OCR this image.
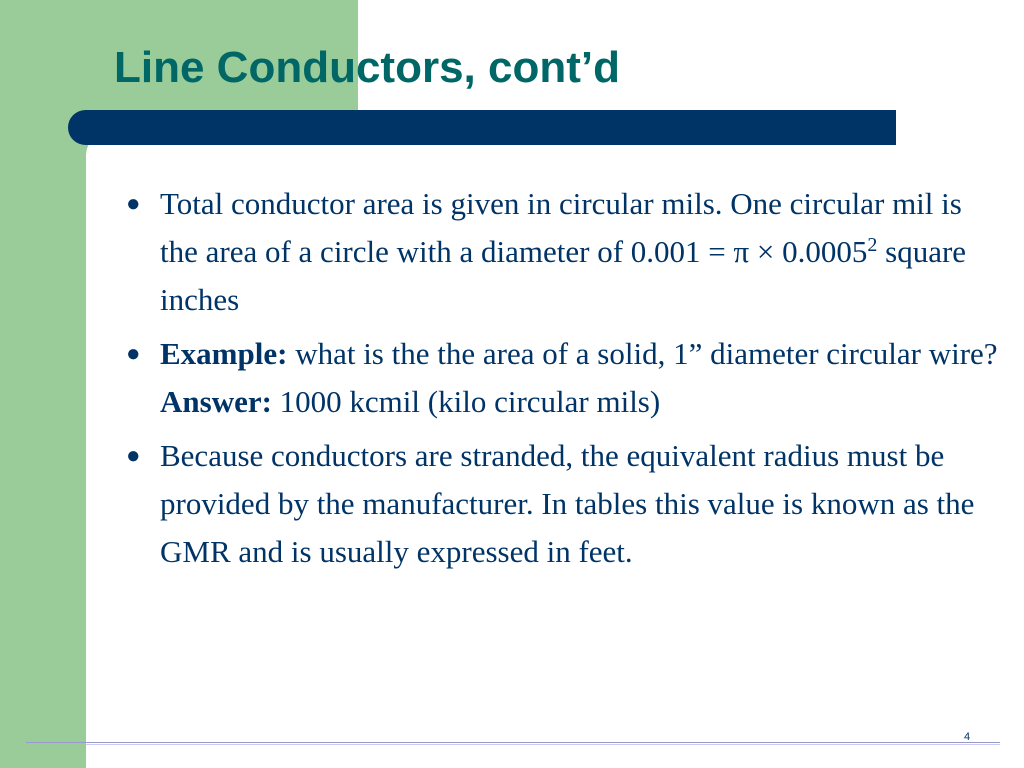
Line Conductors, cont’d
● Total conductor area is given in circular mils. One circular mil is the area of a circle with a diameter of $0.001 = \pi \times 0.0005^2$ square inches
● Example: what is the the area of a solid, 1” diameter circular wire?
Answer: 1000 kcmil (kilo circular mils)
● Because conductors are stranded, the equivalent radius must be provided by the manufacturer. In tables this value is known as the GMR and is usually expressed in feet.
4
